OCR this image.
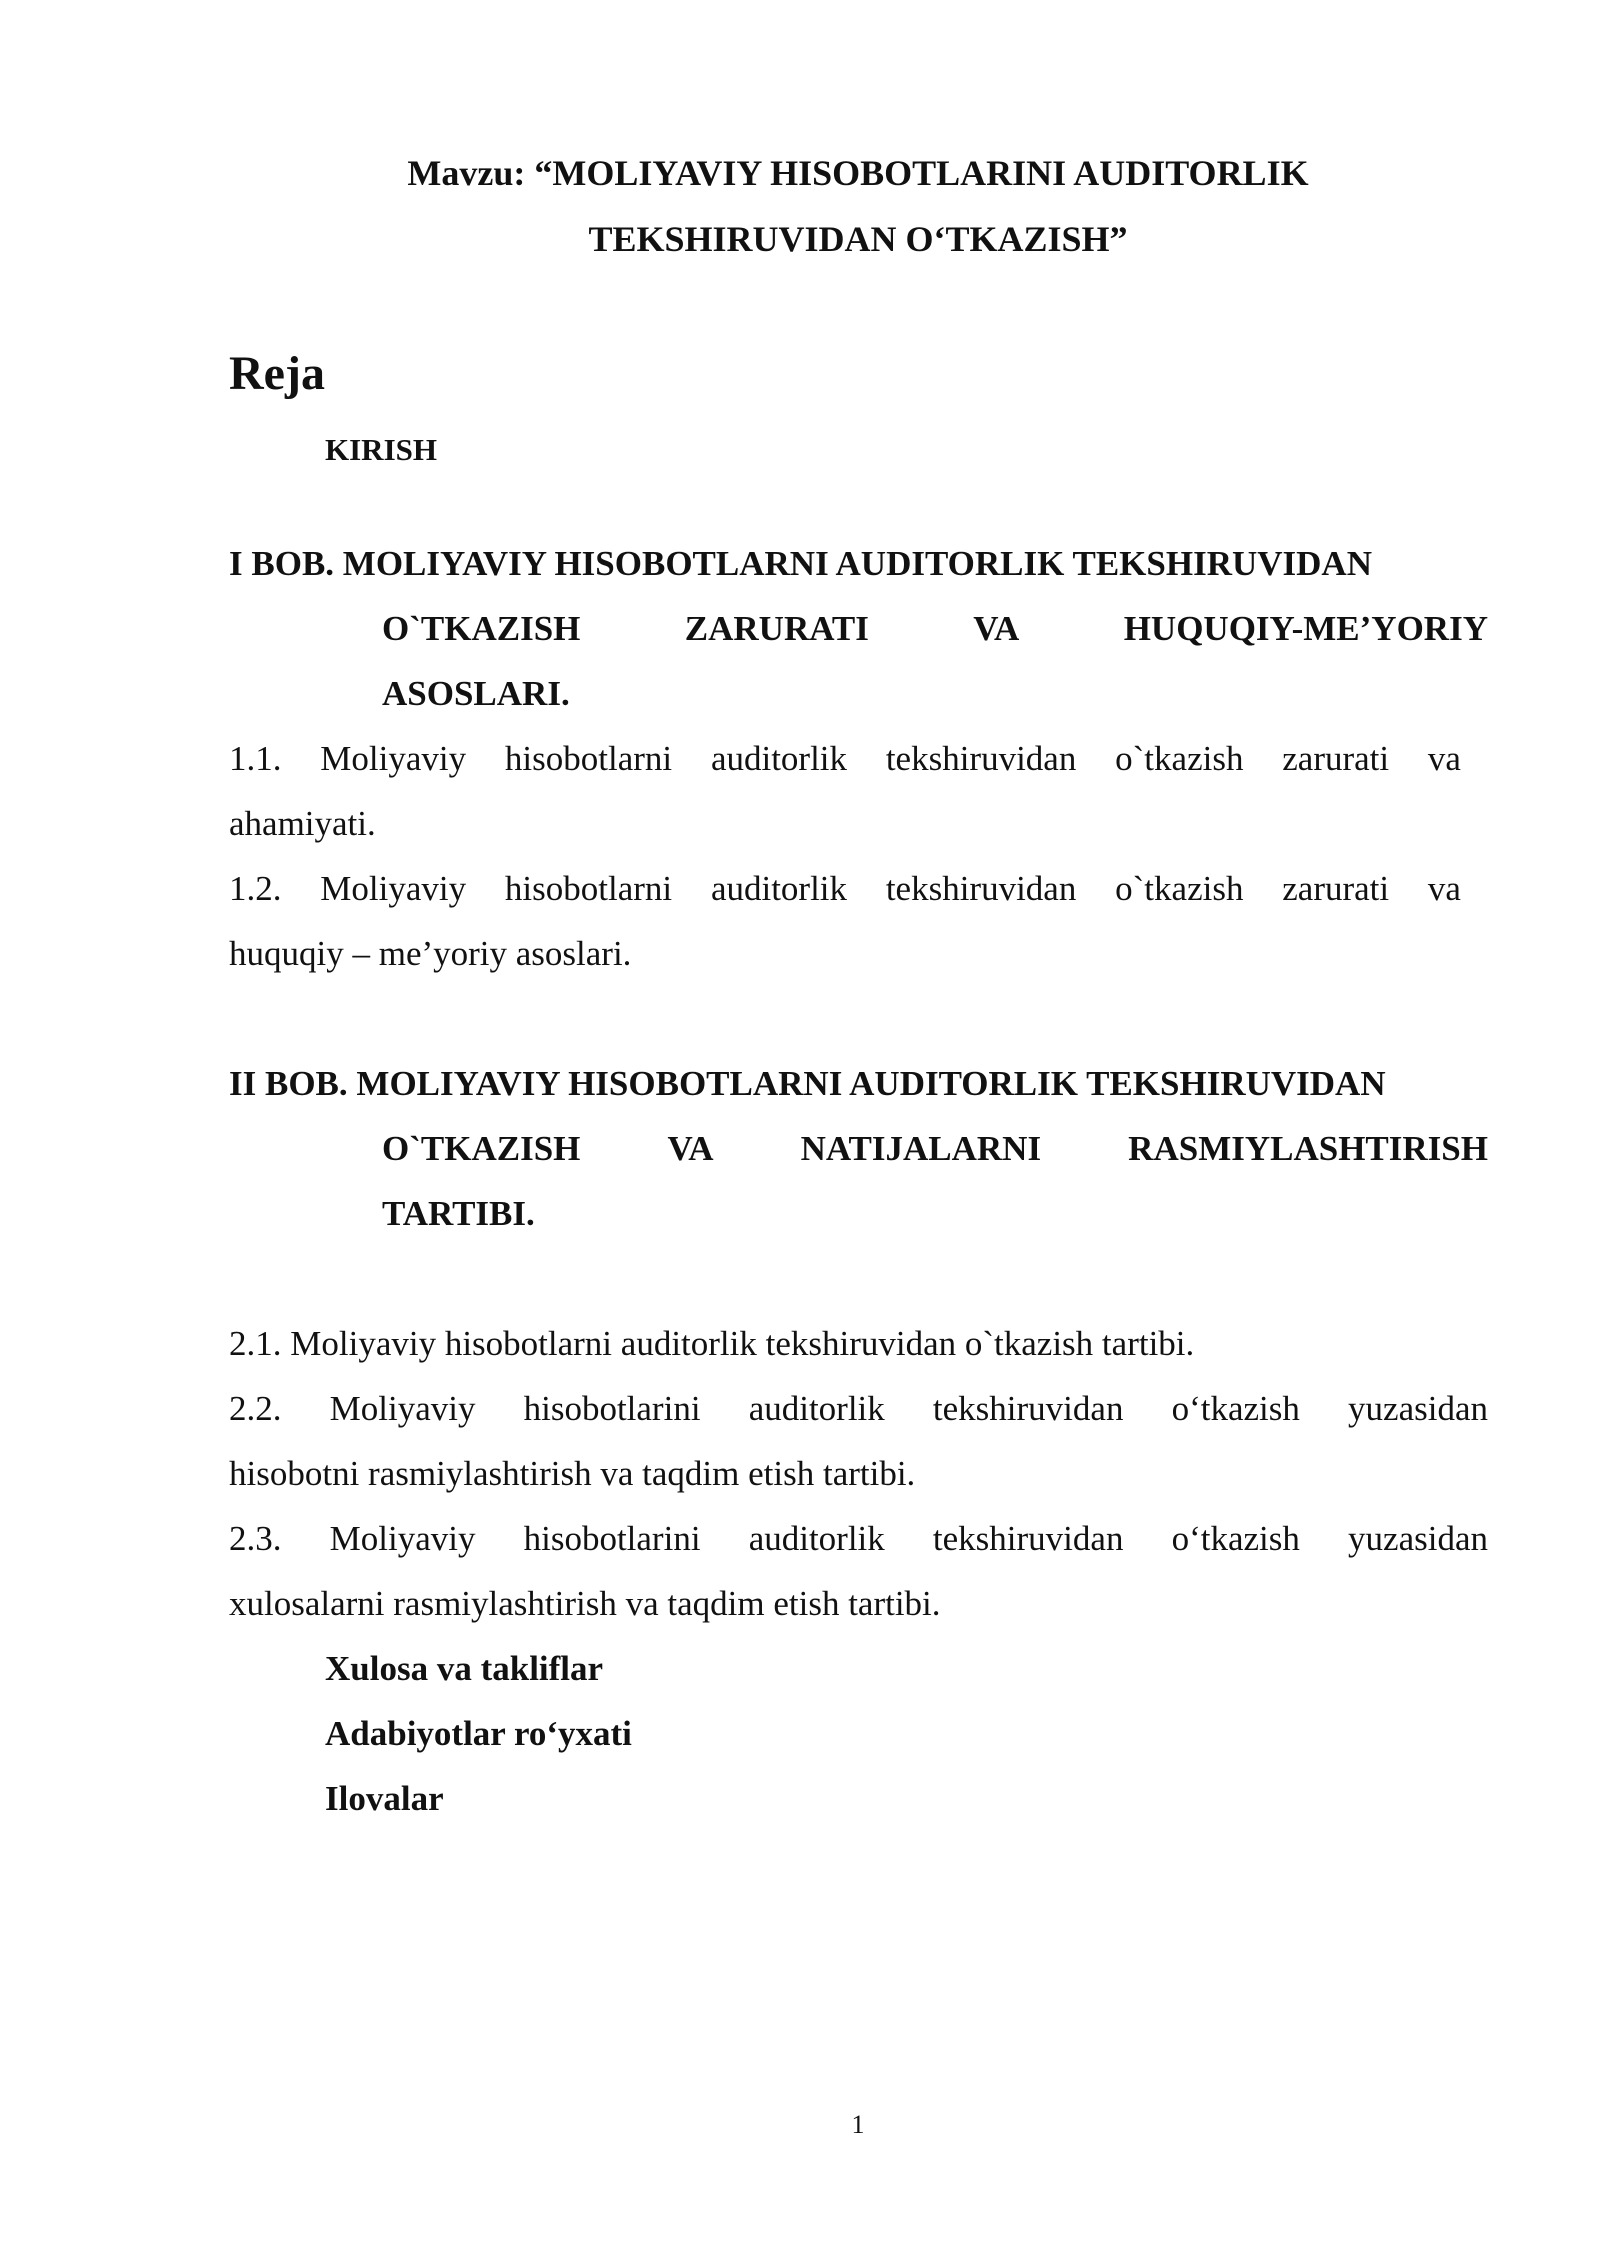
Mavzu: “MOLIYAVIY HISOBOTLARINI AUDITORLIK
TEKSHIRUVIDAN O‘TKAZISH”
Reja
KIRISH
I BOB. MOLIYAVIY HISOBOTLARNI AUDITORLIK TEKSHIRUVIDAN
O`TKAZISH	ZARURATI	VA	HUQUQIY-ME’YORIY
ASOSLARI.
1.1. Moliyaviy hisobotlarni auditorlik tekshiruvidan o`tkazish zarurati va
ahamiyati.
1.2. Moliyaviy hisobotlarni auditorlik tekshiruvidan o`tkazish zarurati va
huquqiy – me’yoriy asoslari.
II BOB. MOLIYAVIY HISOBOTLARNI AUDITORLIK TEKSHIRUVIDAN
O`TKAZISH VA NATIJALARNI RASMIYLASHTIRISH
TARTIBI.
2.1. Moliyaviy hisobotlarni auditorlik tekshiruvidan o`tkazish tartibi.
2.2. Moliyaviy hisobotlarini auditorlik tekshiruvidan o‘tkazish yuzasidan
hisobotni rasmiylashtirish va taqdim etish tartibi.
2.3. Moliyaviy hisobotlarini auditorlik tekshiruvidan o‘tkazish yuzasidan
xulosalarni rasmiylashtirish va taqdim etish tartibi.
Xulosa va takliflar
Adabiyotlar ro‘yxati
Ilovalar
1
